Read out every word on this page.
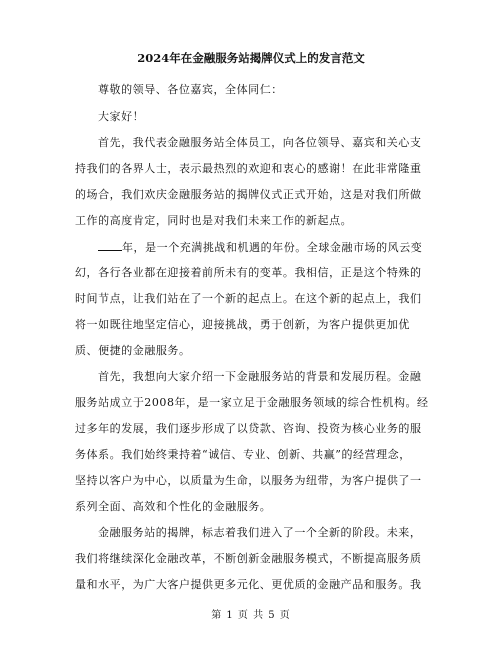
2024年在金融服务站揭牌仪式上的发言范文
尊敬的领导、各位嘉宾，全体同仁：
大家好！
首先，我代表金融服务站全体员工，向各位领导、嘉宾和关心支
持我们的各界人士，表示最热烈的欢迎和衷心的感谢！在此非常隆重
的场合，我们欢庆金融服务站的揭牌仪式正式开始，这是对我们所做
工作的高度肯定，同时也是对我们未来工作的新起点。
年，是一个充满挑战和机遇的年份。全球金融市场的风云变
幻，各行各业都在迎接着前所未有的变革。我相信，正是这个特殊的
时间节点，让我们站在了一个新的起点上。在这个新的起点上，我们
将一如既往地坚定信心，迎接挑战，勇于创新，为客户提供更加优
质、便捷的金融服务。
首先，我想向大家介绍一下金融服务站的背景和发展历程。金融
服务站成立于2008年，是一家立足于金融服务领域的综合性机构。经
过多年的发展，我们逐步形成了以贷款、咨询、投资为核心业务的服
务体系。我们始终秉持着“诚信、专业、创新、共赢”的经营理念，
坚持以客户为中心，以质量为生命，以服务为纽带，为客户提供了一
系列全面、高效和个性化的金融服务。
金融服务站的揭牌，标志着我们进入了一个全新的阶段。未来，
我们将继续深化金融改革，不断创新金融服务模式，不断提高服务质
量和水平，为广大客户提供更多元化、更优质的金融产品和服务。我
第 1 页 共 5 页
